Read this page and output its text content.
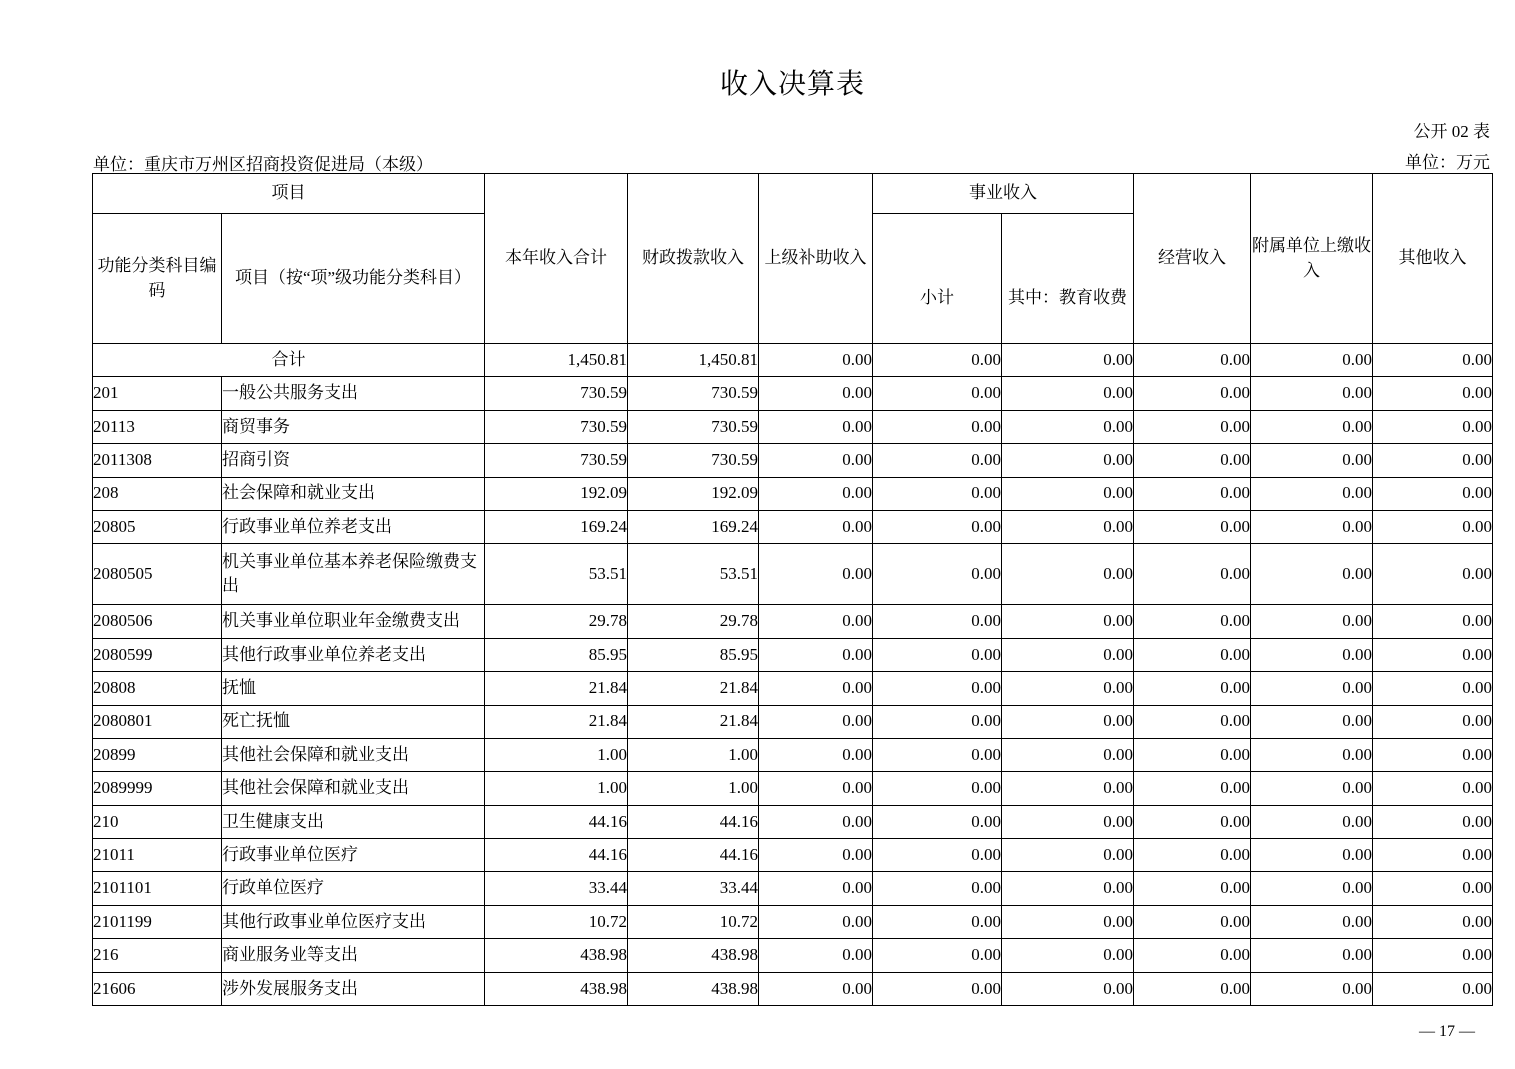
收入决算表
公开 02 表
单位：重庆市万州区招商投资促进局（本级）	单位：万元
项目		本年收入合计	财政拨款收入	上级补助收入	事业收入		经营收入	附属单位上缴收入	其他收入
功能分类科目编码	项目（按“项”级功能分类科目）				小计	其中：教育收费			
合计		1,450.81	1,450.81	0.00	0.00	0.00	0.00	0.00	0.00
201	一般公共服务支出	730.59	730.59	0.00	0.00	0.00	0.00	0.00	0.00
20113	商贸事务	730.59	730.59	0.00	0.00	0.00	0.00	0.00	0.00
2011308	招商引资	730.59	730.59	0.00	0.00	0.00	0.00	0.00	0.00
208	社会保障和就业支出	192.09	192.09	0.00	0.00	0.00	0.00	0.00	0.00
20805	行政事业单位养老支出	169.24	169.24	0.00	0.00	0.00	0.00	0.00	0.00
2080505	机关事业单位基本养老保险缴费支出	53.51	53.51	0.00	0.00	0.00	0.00	0.00	0.00
2080506	机关事业单位职业年金缴费支出	29.78	29.78	0.00	0.00	0.00	0.00	0.00	0.00
2080599	其他行政事业单位养老支出	85.95	85.95	0.00	0.00	0.00	0.00	0.00	0.00
20808	抚恤	21.84	21.84	0.00	0.00	0.00	0.00	0.00	0.00
2080801	死亡抚恤	21.84	21.84	0.00	0.00	0.00	0.00	0.00	0.00
20899	其他社会保障和就业支出	1.00	1.00	0.00	0.00	0.00	0.00	0.00	0.00
2089999	其他社会保障和就业支出	1.00	1.00	0.00	0.00	0.00	0.00	0.00	0.00
210	卫生健康支出	44.16	44.16	0.00	0.00	0.00	0.00	0.00	0.00
21011	行政事业单位医疗	44.16	44.16	0.00	0.00	0.00	0.00	0.00	0.00
2101101	行政单位医疗	33.44	33.44	0.00	0.00	0.00	0.00	0.00	0.00
2101199	其他行政事业单位医疗支出	10.72	10.72	0.00	0.00	0.00	0.00	0.00	0.00
216	商业服务业等支出	438.98	438.98	0.00	0.00	0.00	0.00	0.00	0.00
21606	涉外发展服务支出	438.98	438.98	0.00	0.00	0.00	0.00	0.00	0.00
— 17 —
